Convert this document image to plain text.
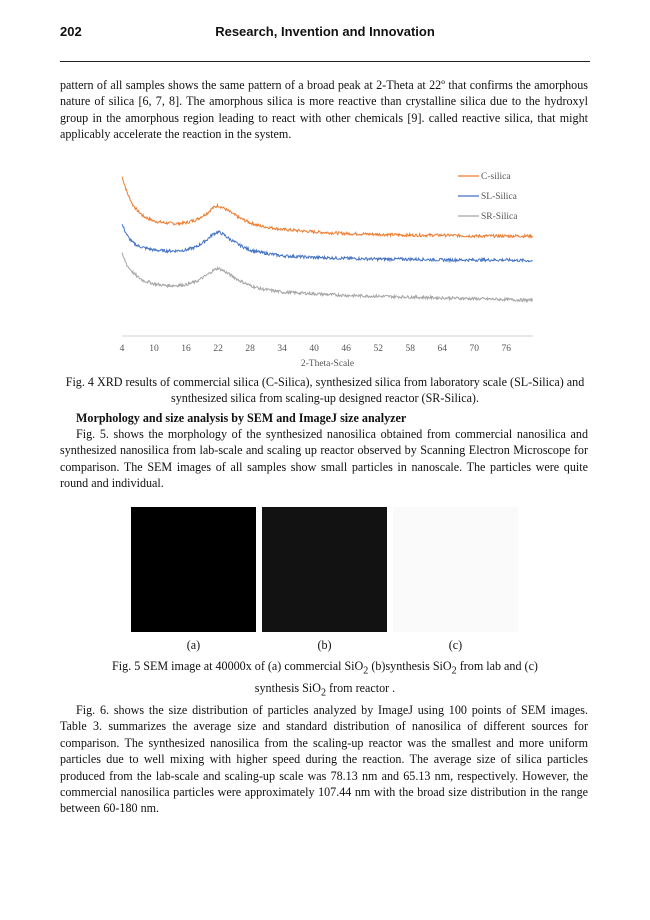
202	Research, Invention and Innovation

pattern of all samples shows the same pattern of a broad peak at 2-Theta at 22º that confirms the amorphous nature of silica [6, 7, 8]. The amorphous silica is more reactive than crystalline silica due to the hydroxyl group in the amorphous region leading to react with other chemicals [9]. called reactive silica, that might applicably accelerate the reaction in the system.

4	10 16 22 28 34 40 46 52 58 64 70 76
2-Theta-Scale
C-silica
SL-Silica
SR-Silica

Fig. 4 XRD results of commercial silica (C-Silica), synthesized silica from laboratory scale (SL-Silica) and synthesized silica from scaling-up designed reactor (SR-Silica).

Morphology and size analysis by SEM and ImageJ size analyzer

Fig. 5. shows the morphology of the synthesized nanosilica obtained from commercial nanosilica and synthesized nanosilica from lab-scale and scaling up reactor observed by Scanning Electron Microscope for comparison. The SEM images of all samples show small particles in nanoscale. The particles were quite round and individual.

(a)	(b)	(c)

Fig. 5 SEM image at 40000x of (a) commercial SiO$_2$ (b)synthesis SiO$_2$ from lab and (c) synthesis SiO$_2$ from reactor .

Fig. 6. shows the size distribution of particles analyzed by ImageJ using 100 points of SEM images. Table 3. summarizes the average size and standard distribution of nanosilica of different sources for comparison. The synthesized nanosilica from the scaling-up reactor was the smallest and more uniform particles due to well mixing with higher speed during the reaction. The average size of silica particles produced from the lab-scale and scaling-up scale was 78.13 nm and 65.13 nm, respectively. However, the commercial nanosilica particles were approximately 107.44 nm with the broad size distribution in the range between 60-180 nm.
